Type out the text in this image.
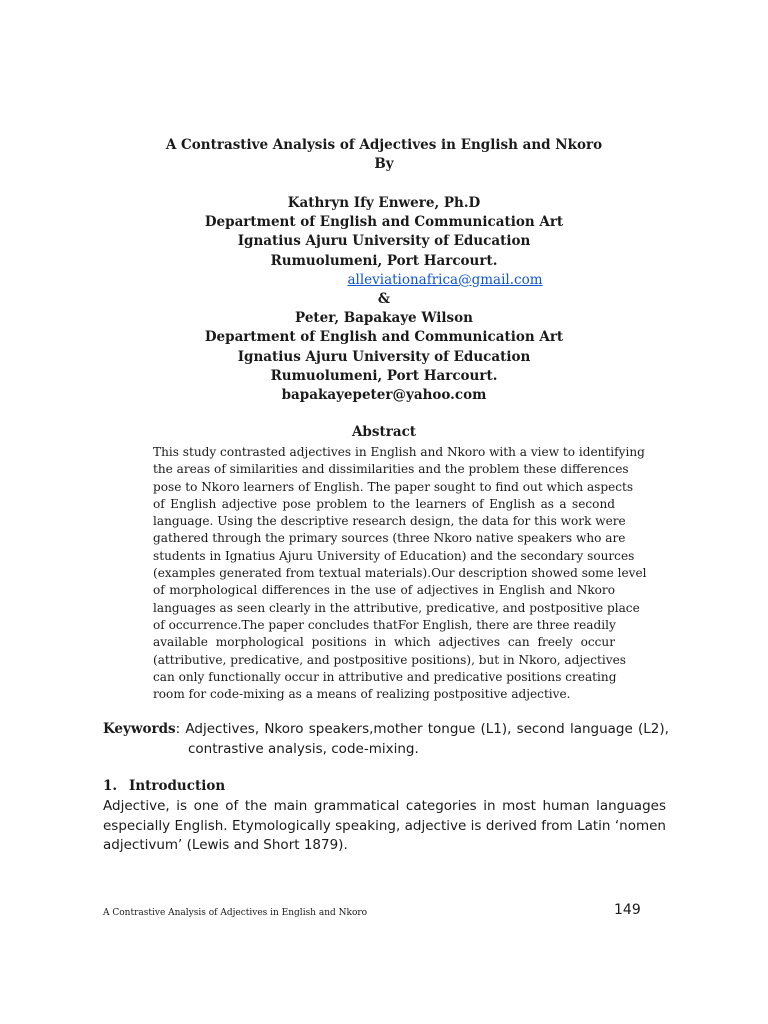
A Contrastive Analysis of Adjectives in English and Nkoro
By
Kathryn Ify Enwere, Ph.D
Department of English and Communication Art
Ignatius Ajuru University of Education
Rumuolumeni, Port Harcourt.
alleviationafrica@gmail.com
&
Peter, Bapakaye Wilson
Department of English and Communication Art
Ignatius Ajuru University of Education
Rumuolumeni, Port Harcourt.
bapakayepeter@yahoo.com
Abstract
This study contrasted adjectives in English and Nkoro with a view to identifying
the areas of similarities and dissimilarities and the problem these differences
pose to Nkoro learners of English. The paper sought to find out which aspects
of English adjective pose problem to the learners of English as a second
language. Using the descriptive research design, the data for this work were
gathered through the primary sources (three Nkoro native speakers who are
students in Ignatius Ajuru University of Education) and the secondary sources
(examples generated from textual materials).Our description showed some level
of morphological differences in the use of adjectives in English and Nkoro
languages as seen clearly in the attributive, predicative, and postpositive place
of occurrence.The paper concludes thatFor English, there are three readily
available morphological positions in which adjectives can freely occur
(attributive, predicative, and postpositive positions), but in Nkoro, adjectives
can only functionally occur in attributive and predicative positions creating
room for code-mixing as a means of realizing postpositive adjective.
Keywords: Adjectives, Nkoro speakers,mother tongue (L1), second language (L2),
contrastive analysis, code-mixing.
1. Introduction
Adjective, is one of the main grammatical categories in most human languages
especially English. Etymologically speaking, adjective is derived from Latin ‘nomen
adjectivum’ (Lewis and Short 1879).
A Contrastive Analysis of Adjectives in English and Nkoro	149
